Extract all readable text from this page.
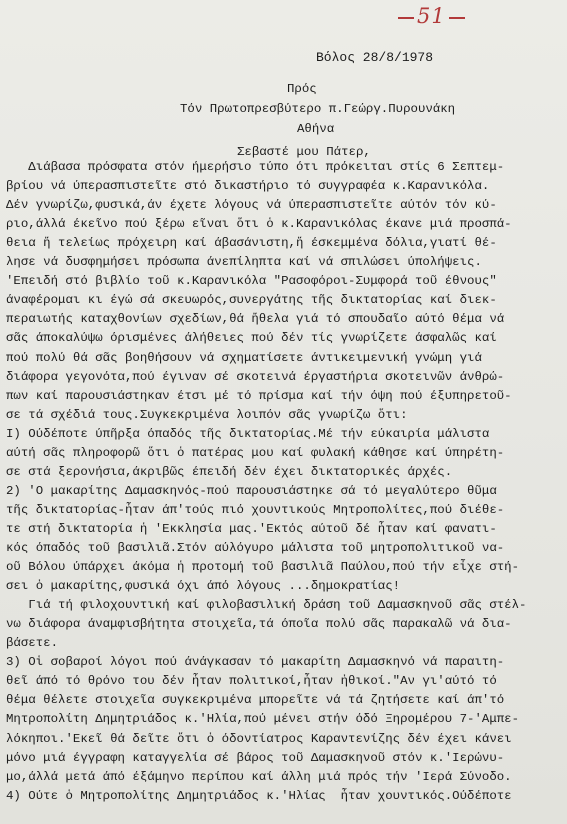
51
Βόλος 28/8/1978
Πρός
Τόν Πρωτοπρεσβύτερο π.Γεώργ.Πυρουνάκη
Αθήνα
Σεβαστέ μου Πάτερ,
Διάβασα πρόσφατα στόν ήμερήσιο τύπο ότι πρόκειται στίς 6 Σεπτεμ-
βρίου νά ύπερασπιστεῖτε στό δικαστήριο τό συγγραφέα κ.Καρανικόλα.
Δέν γνωρίζω,φυσικά,άν έχετε λόγους νά ύπερασπιστεῖτε αύτόν τόν κύ-
ριο,άλλά έκεῖνο πού ξέρω εῖναι ὅτι ὁ κ.Καρανικόλας έκανε μιά προσπά-
θεια ἤ τελείως πρόχειρη καί άβασάνιστη,ἤ έσκεμμένα δόλια,γιατί θέ-
λησε νά δυσφημήσει πρόσωπα άνεπίληπτα καί νά σπιλώσει ύπολήψεις.
'Επειδή στό βιβλίο τοῦ κ.Καρανικόλα "Ρασοφόροι-Συμφορά τοῦ έθνους"
άναφέρομαι κι έγώ σά σκευωρός,συνεργάτης τῆς δικτατορίας καί διεκ-
περαιωτής καταχθονίων σχεδίων,θά ἤθελα γιά τό σπουδαῖο αύτό θέμα νά
σᾶς άποκαλύψω όρισμένες άλήθειες πού δέν τίς γνωρίζετε άσφαλῶς καί
πού πολύ θά σᾶς βοηθήσουν νά σχηματίσετε άντικειμενική γνώμη γιά
διάφορα γεγονότα,πού έγιναν σέ σκοτεινά έργαστήρια σκοτεινῶν άνθρώ-
πων καί παρουσιάστηκαν έτσι μέ τό πρίσμα καί τήν όψη πού έξυπηρετοῦ-
σε τά σχέδιά τους.Συγκεκριμένα λοιπόν σᾶς γνωρίζω ὅτι:
I) Ούδέποτε ύπῆρξα όπαδός τῆς δικτατορίας.Μέ τήν εύκαιρία μάλιστα
αύτή σᾶς πληροφορῶ ὅτι ὁ πατέρας μου καί φυλακή κάθησε καί ύπηρέτη-
σε στά ξερονήσια,άκριβῶς έπειδή δέν έχει δικτατορικές άρχές.
2) 'Ο μακαρίτης Δαμασκηνός-πού παρουσιάστηκε σά τό μεγαλύτερο θῦμα
τῆς δικτατορίας-ἦταν άπ'τούς πιό χουντικούς Μητροπολίτες,πού διέθε-
τε στή δικτατορία ἡ 'Εκκλησία μας.'Εκτός αύτοῦ δέ ἦταν καί φανατι-
κός όπαδός τοῦ βασιλιᾶ.Στόν αύλόγυρο μάλιστα τοῦ μητροπολιτικοῦ να-
οῦ Βόλου ύπάρχει άκόμα ἡ προτομή τοῦ βασιλιᾶ Παύλου,πού τήν εἶχε στή-
σει ὁ μακαρίτης,φυσικά όχι άπό λόγους ...δημοκρατίας!
Γιά τή φιλοχουντική καί φιλοβασιλική δράση τοῦ Δαμασκηνοῦ σᾶς στέλ-
νω διάφορα άναμφισβήτητα στοιχεῖα,τά όποῖα πολύ σᾶς παρακαλῶ νά δια-
βάσετε.
3) Οἱ σοβαροί λόγοι πού άνάγκασαν τό μακαρίτη Δαμασκηνό νά παραιτη-
θεῖ άπό τό θρόνο του δέν ἦταν πολιτικοί,ἦταν ἠθικοί."Αν γι'αύτό τό
θέμα θέλετε στοιχεῖα συγκεκριμένα μπορεῖτε νά τά ζητήσετε καί άπ'τό
Μητροπολίτη Δημητριάδος κ.'Ηλία,πού μένει στήν όδό Ξηρομέρου 7-'Αμπε-
λόκηποι.'Εκεῖ θά δεῖτε ὅτι ὁ όδοντίατρος Καραντενίζης δέν έχει κάνει
μόνο μιά έγγραφη καταγγελία σέ βάρος τοῦ Δαμασκηνοῦ στόν κ.'Ιερώνυ-
μο,άλλά μετά άπό έξάμηνο περίπου καί άλλη μιά πρός τήν 'Ιερά Σύνοδο.
4) Ούτε ὁ Μητροπολίτης Δημητριάδος κ.'Ηλίας  ἦταν χουντικός.Ούδέποτε
